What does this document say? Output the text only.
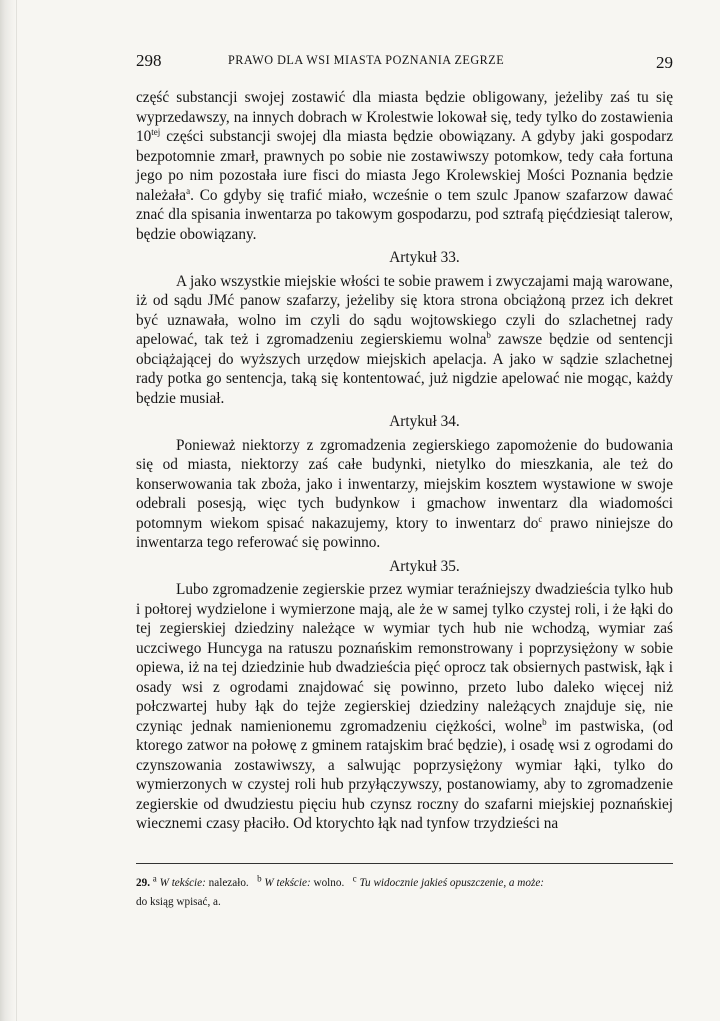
298	PRAWO DLA WSI MIASTA POZNANIA ZEGRZE	29

część substancji swojej zostawić dla miasta będzie obligowany, jeżeliby zaś tu się wyprzedawszy, na innych dobrach w Krolestwie lokował się, tedy tylko do zostawienia $10^{tej}$ części substancji swojej dla miasta będzie obowiązany. A gdyby jaki gospodarz bezpotomnie zmarł, prawnych po sobie nie zostawiwszy potomkow, tedy cała fortuna jego po nim pozostała iure fisci do miasta Jego Krolewskiej Mości Poznania będzie należała$^a$. Co gdyby się trafić miało, wcześnie o tem szulc Jpanow szafarzow dawać znać dla spisania inwentarza po takowym gospodarzu, pod sztrafą pięćdziesiąt talerow, będzie obowiązany.

Artykuł 33.

A jako wszystkie miejskie włości te sobie prawem i zwyczajami mają warowane, iż od sądu JMć panow szafarzy, jeżeliby się ktora strona obciążoną przez ich dekret być uznawała, wolno im czyli do sądu wojtowskiego czyli do szlachetnej rady apelować, tak też i zgromadzeniu zegierskiemu wolna$^b$ zawsze będzie od sentencji obciążającej do wyższych urzędow miejskich apelacja. A jako w sądzie szlachetnej rady potka go sentencja, taką się kontentować, już nigdzie apelować nie mogąc, każdy będzie musiał.

Artykuł 34.

Ponieważ niektorzy z zgromadzenia zegierskiego zapomożenie do budowania się od miasta, niektorzy zaś całe budynki, nietylko do mieszkania, ale też do konserwowania tak zboża, jako i inwentarzy, miejskim kosztem wystawione w swoje odebrali posesją, więc tych budynkow i gmachow inwentarz dla wiadomości potomnym wiekom spisać nakazujemy, ktory to inwentarz $do^c$ prawo niniejsze do inwentarza tego referować się powinno.

Artykuł 35.

Lubo zgromadzenie zegierskie przez wymiar teraźniejszy dwadzieścia tylko hub i połtorej wydzielone i wymierzone mają, ale że w samej tylko czystej roli, i że łąki do tej zegierskiej dziedziny należące w wymiar tych hub nie wchodzą, wymiar zaś uczciwego Huncyga na ratuszu poznańskim remonstrowany i poprzysiężony w sobie opiewa, iż na tej dziedzinie hub dwadzieścia pięć oprocz tak obsiernych pastwisk, łąk i osady wsi z ogrodami znajdować się powinno, przeto lubo daleko więcej niż połczwartej huby łąk do tejże zegierskiej dziedziny należących znajduje się, nie czyniąc jednak namienionemu zgromadzeniu ciężkości, wolne$^b$ im pastwiska, (od ktorego zatwor na połowę z gminem ratajskim brać będzie), i osadę wsi z ogrodami do czynszowania zostawiwszy, a salwując poprzysiężony wymiar łąki, tylko do wymierzonych w czystej roli hub przyłączywszy, postanowiamy, aby to zgromadzenie zegierskie od dwudziestu pięciu hub czynsz roczny do szafarni miejskiej poznańskiej wiecznemi czasy płaciło. Od ktorychto łąk nad tynfow trzydzieści na

29. $^a$ W tekście: nalezało. $^b$ W tekście: wolno. $^c$ Tu widocznie jakieś opuszczenie, a może:
do ksiąg wpisać, a.
